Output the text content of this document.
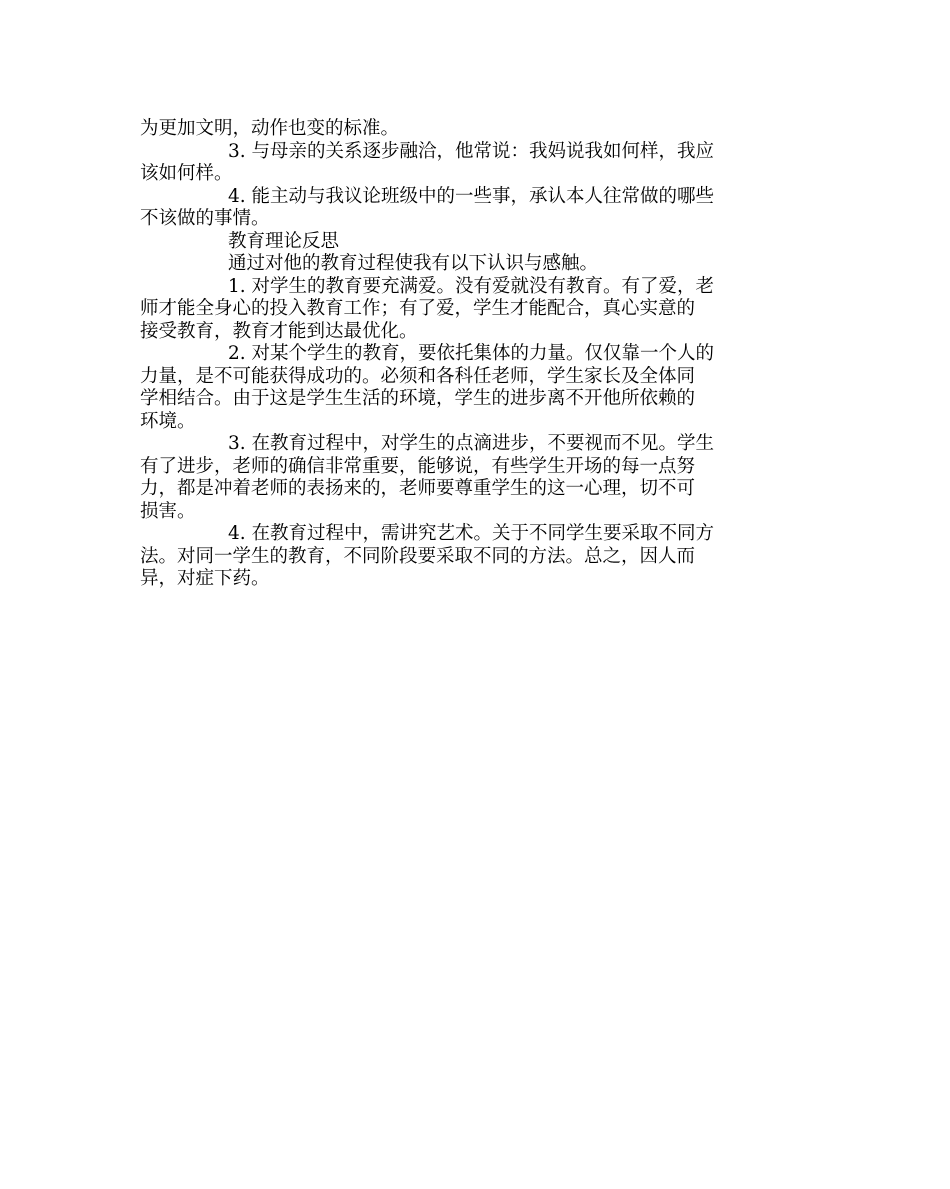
为更加文明，动作也变的标准。
3. 与母亲的关系逐步融洽，他常说：我妈说我如何样，我应
该如何样。
4. 能主动与我议论班级中的一些事，承认本人往常做的哪些
不该做的事情。
教育理论反思
通过对他的教育过程使我有以下认识与感触。
1. 对学生的教育要充满爱。没有爱就没有教育。有了爱，老
师才能全身心的投入教育工作；有了爱，学生才能配合，真心实意的
接受教育，教育才能到达最优化。
2. 对某个学生的教育，要依托集体的力量。仅仅靠一个人的
力量，是不可能获得成功的。必须和各科任老师，学生家长及全体同
学相结合。由于这是学生生活的环境，学生的进步离不开他所依赖的
环境。
3. 在教育过程中，对学生的点滴进步，不要视而不见。学生
有了进步，老师的确信非常重要，能够说，有些学生开场的每一点努
力，都是冲着老师的表扬来的，老师要尊重学生的这一心理，切不可
损害。
4. 在教育过程中，需讲究艺术。关于不同学生要采取不同方
法。对同一学生的教育，不同阶段要采取不同的方法。总之，因人而
异，对症下药。
